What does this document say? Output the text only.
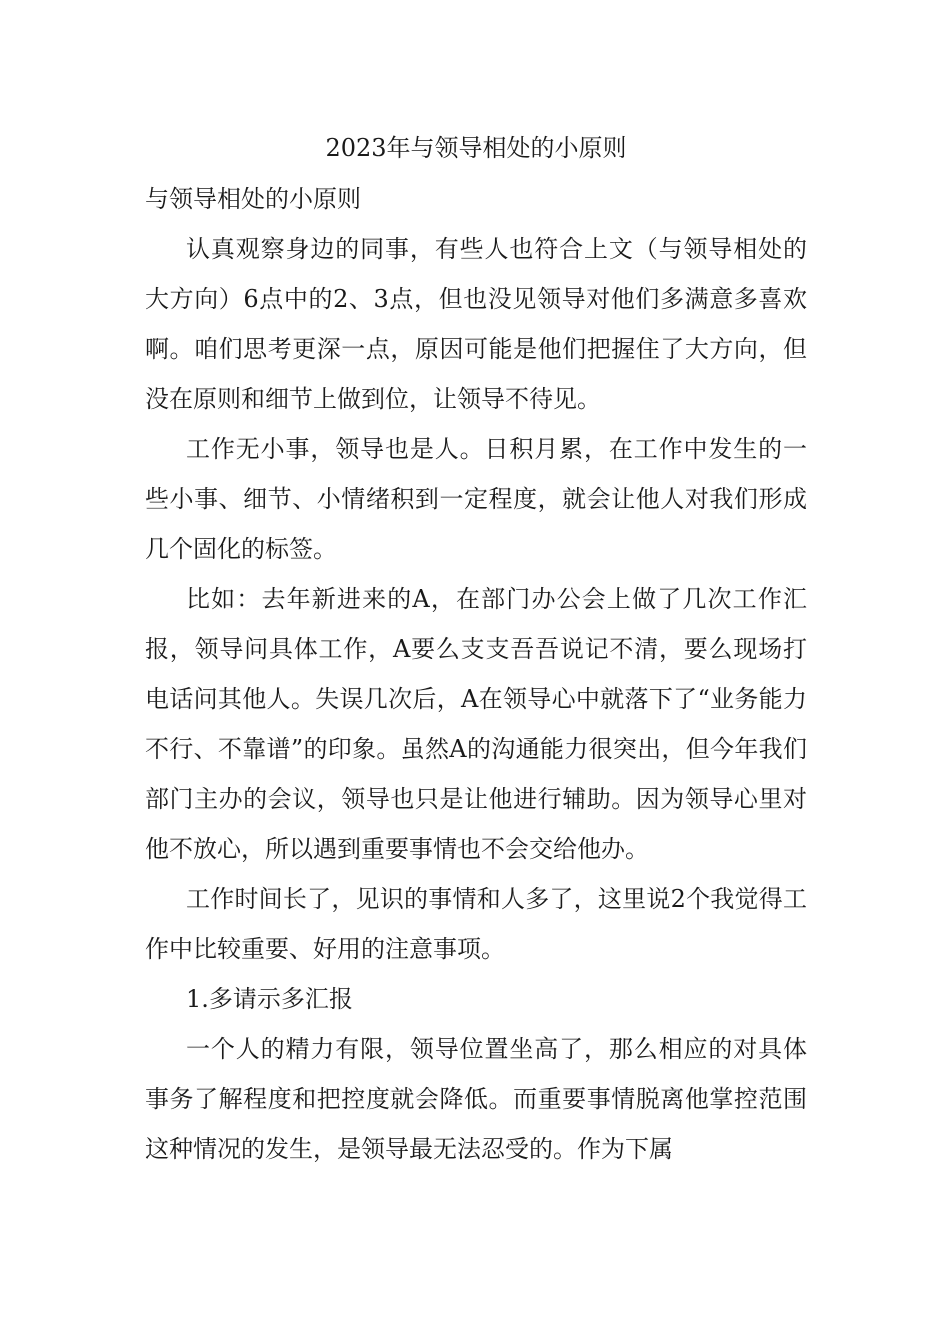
2023年与领导相处的小原则

与领导相处的小原则

认真观察身边的同事，有些人也符合上文（与领导相处的大方向）6点中的2、3点，但也没见领导对他们多满意多喜欢啊。咱们思考更深一点，原因可能是他们把握住了大方向，但没在原则和细节上做到位，让领导不待见。

工作无小事，领导也是人。日积月累，在工作中发生的一些小事、细节、小情绪积到一定程度，就会让他人对我们形成几个固化的标签。

比如：去年新进来的A，在部门办公会上做了几次工作汇报，领导问具体工作，A要么支支吾吾说记不清，要么现场打电话问其他人。失误几次后，A在领导心中就落下了“业务能力不行、不靠谱”的印象。虽然A的沟通能力很突出，但今年我们部门主办的会议，领导也只是让他进行辅助。因为领导心里对他不放心，所以遇到重要事情也不会交给他办。

工作时间长了，见识的事情和人多了，这里说2个我觉得工作中比较重要、好用的注意事项。

1.多请示多汇报

一个人的精力有限，领导位置坐高了，那么相应的对具体事务了解程度和把控度就会降低。而重要事情脱离他掌控范围这种情况的发生，是领导最无法忍受的。作为下属
